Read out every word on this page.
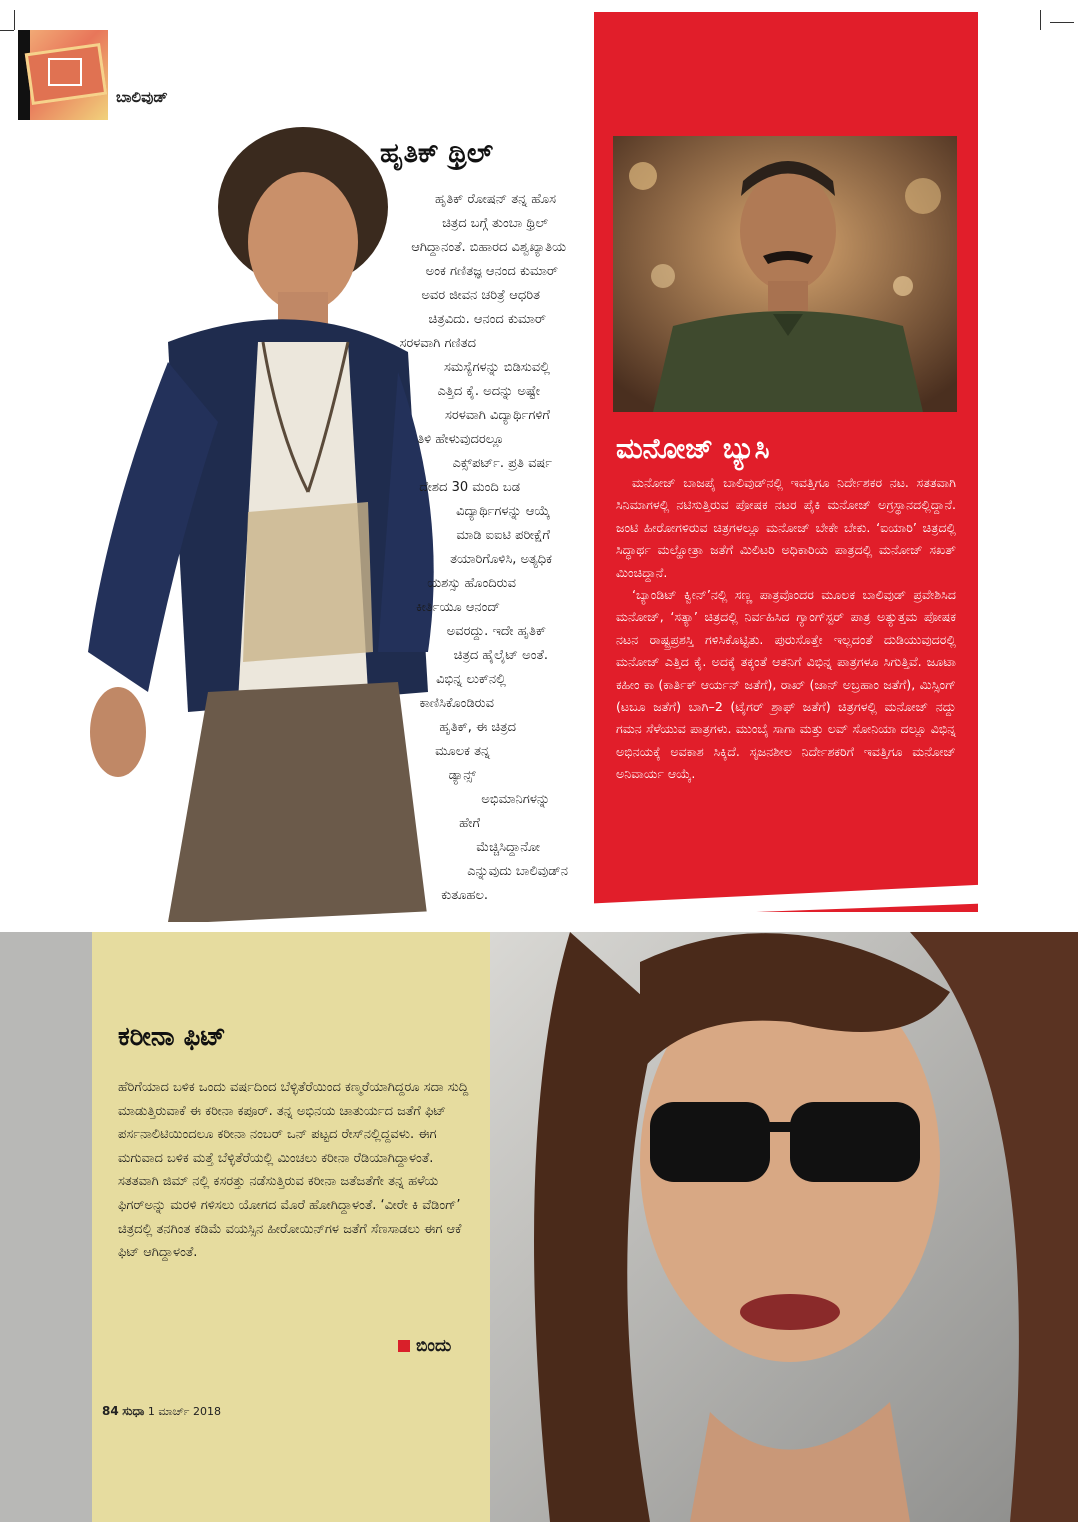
ಬಾಲಿವುಡ್
ಹೃತಿಕ್ ಥ್ರಿಲ್
ಹೃತಿಕ್ ರೋಷನ್ ತನ್ನ ಹೊಸ
ಚಿತ್ರದ ಬಗ್ಗೆ ತುಂಬಾ ಥ್ರಿಲ್
ಆಗಿದ್ದಾನಂತೆ. ಬಿಹಾರದ ವಿಶ್ವಖ್ಯಾತಿಯ
ಅಂಕ ಗಣಿತಜ್ಞ ಆನಂದ ಕುಮಾರ್
ಅವರ ಜೀವನ ಚರಿತ್ರೆ ಆಧರಿತ
ಚಿತ್ರವಿದು. ಆನಂದ ಕುಮಾರ್
ಸರಳವಾಗಿ ಗಣಿತದ
ಸಮಸ್ಯೆಗಳನ್ನು ಬಿಡಿಸುವಲ್ಲಿ
ಎತ್ತಿದ ಕೈ. ಅದನ್ನು ಅಷ್ಟೇ
ಸರಳವಾಗಿ ವಿದ್ಯಾರ್ಥಿಗಳಿಗೆ
ತಿಳಿ ಹೇಳುವುದರಲ್ಲೂ
ಎಕ್ಸ್‌ಪರ್ಟ್. ಪ್ರತಿ ವರ್ಷ
ದೇಶದ 30 ಮಂದಿ ಬಡ
ವಿದ್ಯಾರ್ಥಿಗಳನ್ನು ಆಯ್ಕೆ
ಮಾಡಿ ಐಐಟಿ ಪರೀಕ್ಷೆಗೆ
ತಯಾರಿಗೊಳಿಸಿ, ಅತ್ಯಧಿಕ
ಯಶಸ್ಸು ಹೊಂದಿರುವ
ಕೀರ್ತಿಯೂ ಆನಂದ್
ಅವರದ್ದು. ಇದೇ ಹೃತಿಕ್
ಚಿತ್ರದ ಹೈಲೈಟ್ ಅಂತೆ.
ವಿಭಿನ್ನ ಲುಕ್‌ನಲ್ಲಿ
ಕಾಣಿಸಿಕೊಂಡಿರುವ
ಹೃತಿಕ್, ಈ ಚಿತ್ರದ
ಮೂಲಕ ತನ್ನ
ಡ್ಯಾನ್ಸ್
ಅಭಿಮಾನಿಗಳನ್ನು
ಹೇಗೆ
ಮೆಚ್ಚಿಸಿದ್ದಾನೋ
ಎನ್ನುವುದು ಬಾಲಿವುಡ್‌ನ
ಕುತೂಹಲ.
ಮನೋಜ್ ಬ್ಯುಸಿ

ಮನೋಜ್ ಬಾಜಪೈ ಬಾಲಿವುಡ್‌ನಲ್ಲಿ ಇವತ್ತಿಗೂ ನಿರ್ದೇಶಕರ ನಟ. ಸತತವಾಗಿ ಸಿನಿಮಾಗಳಲ್ಲಿ ನಟಿಸುತ್ತಿರುವ ಪೋಷಕ ನಟರ ಪೈಕಿ ಮನೋಜ್ ಅಗ್ರಸ್ಥಾನದಲ್ಲಿದ್ದಾನೆ. ಜಂಟಿ ಹೀರೋಗಳಿರುವ ಚಿತ್ರಗಳಲ್ಲೂ ಮನೋಜ್ ಬೇಕೇ ಬೇಕು. ‘ಐಯಾರಿ’ ಚಿತ್ರದಲ್ಲಿ ಸಿದ್ಧಾರ್ಥ ಮಲ್ಹೋತ್ರಾ ಜತೆಗೆ ಮಿಲಿಟರಿ ಅಧಿಕಾರಿಯ ಪಾತ್ರದಲ್ಲಿ ಮನೋಜ್ ಸಖತ್ ಮಿಂಚಿದ್ದಾನೆ.

‘ಬ್ಯಾಂಡಿಟ್ ಕ್ವೀನ್’ನಲ್ಲಿ ಸಣ್ಣ ಪಾತ್ರವೊಂದರ ಮೂಲಕ ಬಾಲಿವುಡ್ ಪ್ರವೇಶಿಸಿದ ಮನೋಜ್, ‘ಸತ್ಯಾ’ ಚಿತ್ರದಲ್ಲಿ ನಿರ್ವಹಿಸಿದ ಗ್ಯಾಂಗ್‌ಸ್ಟರ್ ಪಾತ್ರ ಅತ್ಯುತ್ತಮ ಪೋಷಕ ನಟನ ರಾಷ್ಟ್ರಪ್ರಶಸ್ತಿ ಗಳಿಸಿಕೊಟ್ಟಿತು. ಪುರುಸೊತ್ತೇ ಇಲ್ಲದಂತೆ ದುಡಿಯುವುದರಲ್ಲಿ ಮನೋಜ್ ಎತ್ತಿದ ಕೈ. ಅದಕ್ಕೆ ತಕ್ಕಂತೆ ಆತನಿಗೆ ವಿಭಿನ್ನ ಪಾತ್ರಗಳೂ ಸಿಗುತ್ತಿವೆ. ಜೂಟಾ ಕಹೀಂ ಕಾ (ಕಾರ್ತಿಕ್ ಆರ್ಯನ್ ಜತೆಗೆ), ರಾಖ್ (ಜಾನ್ ಅಬ್ರಹಾಂ ಜತೆಗೆ), ಮಿಸ್ಸಿಂಗ್ (ಟಬೂ ಜತೆಗೆ) ಬಾಗಿ–2 (ಟೈಗರ್ ಶ್ರಾಫ್ ಜತೆಗೆ) ಚಿತ್ರಗಳಲ್ಲಿ ಮನೋಜ್ ನದ್ದು ಗಮನ ಸೆಳೆಯುವ ಪಾತ್ರಗಳು. ಮುಂಬೈ ಸಾಗಾ ಮತ್ತು ಲವ್ ಸೋನಿಯಾ ದಲ್ಲೂ ವಿಭಿನ್ನ ಅಭಿನಯಕ್ಕೆ ಅವಕಾಶ ಸಿಕ್ಕಿದೆ. ಸೃಜನಶೀಲ ನಿರ್ದೇಶಕರಿಗೆ ಇವತ್ತಿಗೂ ಮನೋಜ್ ಅನಿವಾರ್ಯ ಆಯ್ಕೆ.

ಕರೀನಾ ಫಿಟ್
ಹೆರಿಗೆಯಾದ ಬಳಿಕ ಒಂದು ವರ್ಷದಿಂದ ಬೆಳ್ಳಿತೆರೆಯಿಂದ ಕಣ್ಮರೆಯಾಗಿದ್ದರೂ ಸದಾ ಸುದ್ದಿ ಮಾಡುತ್ತಿರುವಾಕೆ ಈ ಕರೀನಾ ಕಪೂರ್. ತನ್ನ ಅಭಿನಯ ಚಾತುರ್ಯದ ಜತೆಗೆ ಫಿಟ್ ಪರ್ಸನಾಲಿಟಿಯಿಂದಲೂ ಕರೀನಾ ನಂಬರ್ ಒನ್ ಪಟ್ಟದ ರೇಸ್‌ನಲ್ಲಿದ್ದವಳು. ಈಗ ಮಗುವಾದ ಬಳಿಕ ಮತ್ತೆ ಬೆಳ್ಳಿತೆರೆಯಲ್ಲಿ ಮಿಂಚಲು ಕರೀನಾ ರೆಡಿಯಾಗಿದ್ದಾಳಂತೆ. ಸತತವಾಗಿ ಜಿಮ್ ನಲ್ಲಿ ಕಸರತ್ತು ನಡೆಸುತ್ತಿರುವ ಕರೀನಾ ಜತೆಜತೆಗೇ ತನ್ನ ಹಳೆಯ ಫಿಗರ್‌ಅನ್ನು ಮರಳಿ ಗಳಿಸಲು ಯೋಗದ ಮೊರೆ ಹೋಗಿದ್ದಾಳಂತೆ. ‘ವೀರೇ ಕಿ ವೆಡಿಂಗ್’ ಚಿತ್ರದಲ್ಲಿ ತನಗಿಂತ ಕಡಿಮೆ ವಯಸ್ಸಿನ ಹೀರೋಯಿನ್‌ಗಳ ಜತೆಗೆ ಸೆಣಸಾಡಲು ಈಗ ಆಕೆ ಫಿಟ್ ಆಗಿದ್ದಾಳಂತೆ.
ಬಿಂದು
84 ಸುಧಾ 1 ಮಾರ್ಚ್ 2018
